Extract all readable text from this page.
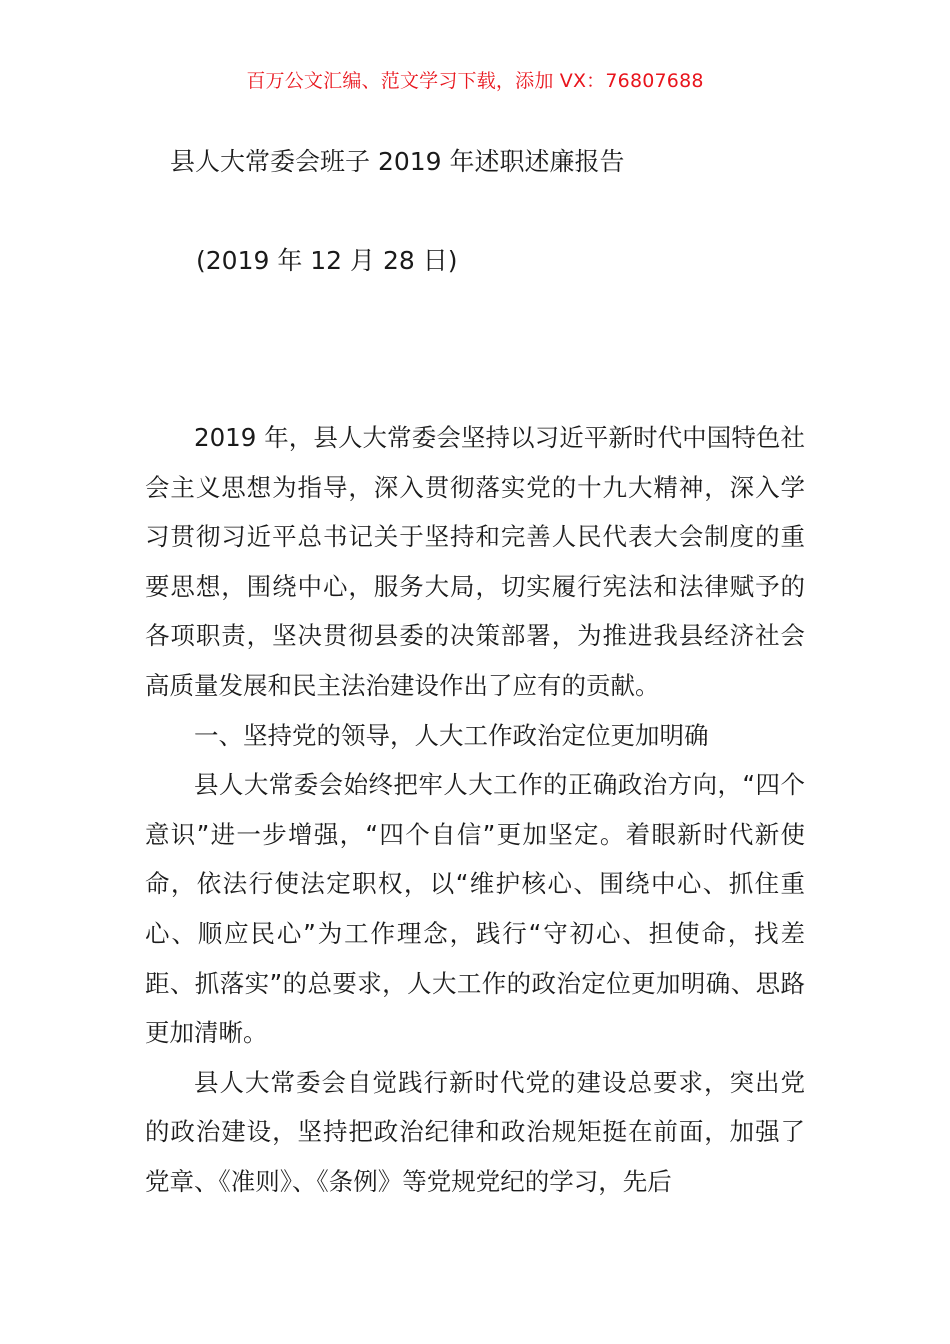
百万公文汇编、范文学习下载，添加 VX：76807688
县人大常委会班子 2019 年述职述廉报告
(2019 年 12 月 28 日)

2019 年，县人大常委会坚持以习近平新时代中国特色社会主义思想为指导，深入贯彻落实党的十九大精神，深入学习贯彻习近平总书记关于坚持和完善人民代表大会制度的重要思想，围绕中心，服务大局，切实履行宪法和法律赋予的各项职责，坚决贯彻县委的决策部署，为推进我县经济社会高质量发展和民主法治建设作出了应有的贡献。

一、坚持党的领导，人大工作政治定位更加明确

县人大常委会始终把牢人大工作的正确政治方向，“四个意识”进一步增强，“四个自信”更加坚定。着眼新时代新使命，依法行使法定职权，以“维护核心、围绕中心、抓住重心、顺应民心”为工作理念，践行“守初心、担使命，找差距、抓落实”的总要求，人大工作的政治定位更加明确、思路更加清晰。

县人大常委会自觉践行新时代党的建设总要求，突出党的政治建设，坚持把政治纪律和政治规矩挺在前面，加强了党章、《准则》、《条例》等党规党纪的学习，先后
